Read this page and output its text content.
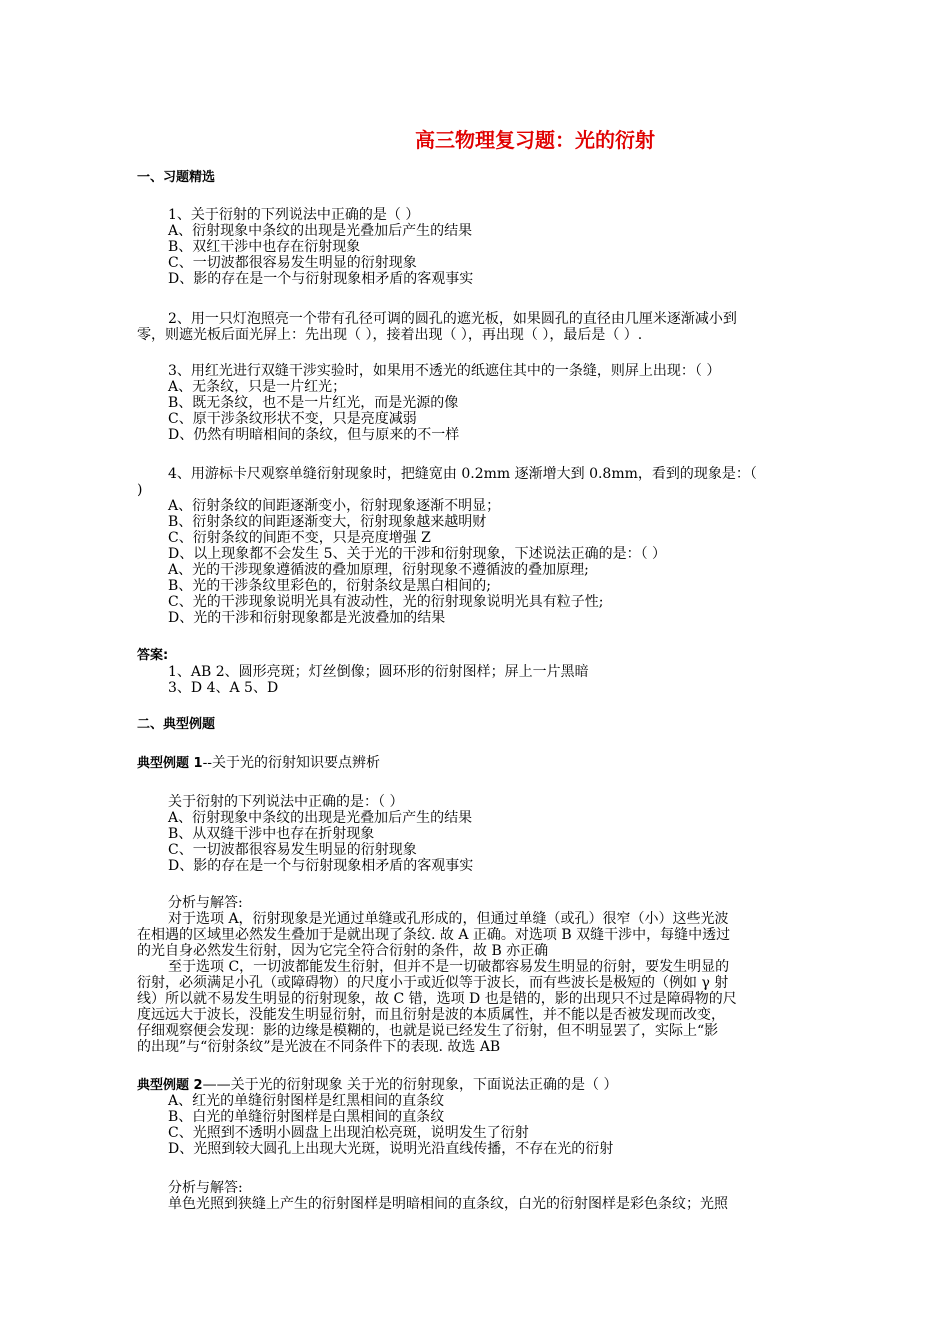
高三物理复习题：光的衍射
一、习题精选
1、关于衍射的下列说法中正确的是（ ）
A、衍射现象中条纹的出现是光叠加后产生的结果
B、双红干涉中也存在衍射现象
C、一切波都很容易发生明显的衍射现象
D、影的存在是一个与衍射现象相矛盾的客观事实
2、用一只灯泡照亮一个带有孔径可调的圆孔的遮光板，如果圆孔的直径由几厘米逐渐减小到
零，则遮光板后面光屏上：先出现（ ），接着出现（ ），再出现（ ），最后是（ ）.
3、用红光进行双缝干涉实验时，如果用不透光的纸遮住其中的一条缝，则屏上出现：（ ）
A、无条纹，只是一片红光；
B、既无条纹，也不是一片红光，而是光源的像
C、原干涉条纹形状不变，只是亮度减弱
D、仍然有明暗相间的条纹，但与原来的不一样
4、用游标卡尺观察单缝衍射现象时，把缝宽由 0.2mm 逐渐增大到 0.8mm，看到的现象是：（
)
A、衍射条纹的间距逐渐变小，衍射现象逐渐不明显；
B、衍射条纹的间距逐渐变大，衍射现象越来越明财
C、衍射条纹的间距不变，只是亮度增强 Z
D、以上现象都不会发生 5、关于光的干涉和衍射现象，下述说法正确的是：（ ）
A、光的干涉现象遵循波的叠加原理，衍射现象不遵循波的叠加原理;
B、光的干涉条纹里彩色的，衍射条纹是黑白相间的;
C、光的干涉现象说明光具有波动性，光的衍射现象说明光具有粒子性;
D、光的干涉和衍射现象都是光波叠加的结果
答案:
1、AB 2、圆形亮斑；灯丝倒像；圆环形的衍射图样；屏上一片黑暗
3、D 4、A 5、D
二、典型例题
典型例题 1--关于光的衍射知识要点辨析
关于衍射的下列说法中正确的是：（ ）
A、衍射现象中条纹的出现是光叠加后产生的结果
B、从双缝干涉中也存在折射现象
C、一切波都很容易发生明显的衍射现象
D、影的存在是一个与衍射现象相矛盾的客观事实
分析与解答:
对于选项 A，衍射现象是光通过单缝或孔形成的，但通过单缝（或孔）很窄（小）这些光波
在相遇的区域里必然发生叠加于是就出现了条纹. 故 A 正确。对选项 B 双缝干涉中，每缝中透过
的光自身必然发生衍射，因为它完全符合衍射的条件，故 B 亦正确
至于选项 C，一切波都能发生衍射，但并不是一切破都容易发生明显的衍射，要发生明显的
衍射，必须满足小孔（或障碍物）的尺度小于或近似等于波长，而有些波长是极短的（例如 γ 射
线）所以就不易发生明显的衍射现象，故 C 错，选项 D 也是错的，影的出现只不过是障碍物的尺
度远远大于波长，没能发生明显衍射，而且衍射是波的本质属性，并不能以是否被发现而改变，
仔细观察便会发现：影的边缘是模糊的，也就是说已经发生了衍射，但不明显罢了，实际上“影
的出现”与“衍射条纹”是光波在不同条件下的表现. 故选 AB
典型例题 2——关于光的衍射现象 关于光的衍射现象，下面说法正确的是（ ）
A、红光的单缝衍射图样是红黑相间的直条纹
B、白光的单缝衍射图样是白黑相间的直条纹
C、光照到不透明小圆盘上出现泊松亮斑，说明发生了衍射
D、光照到较大圆孔上出现大光斑，说明光沿直线传播，不存在光的衍射
分析与解答:
单色光照到狭缝上产生的衍射图样是明暗相间的直条纹，白光的衍射图样是彩色条纹；光照
